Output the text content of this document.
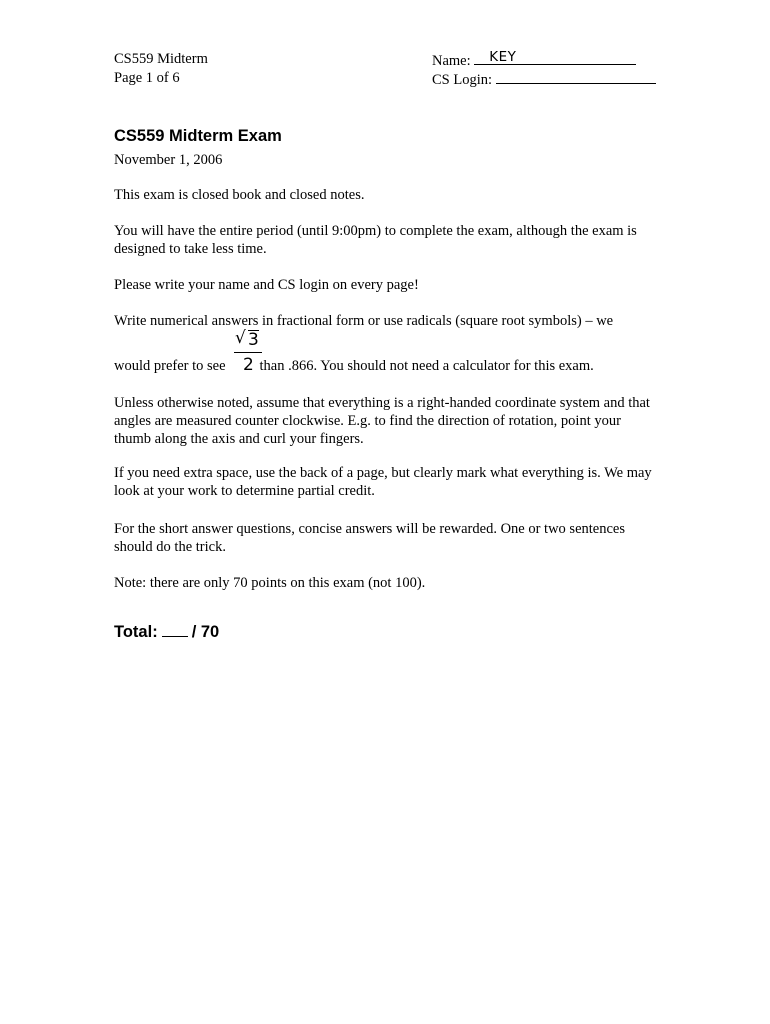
CS559 Midterm
Page 1 of 6
Name: KEY
CS Login:
CS559 Midterm Exam
November 1, 2006
This exam is closed book and closed notes.
You will have the entire period (until 9:00pm) to complete the exam, although the exam is designed to take less time.
Please write your name and CS login on every page!
Write numerical answers in fractional form or use radicals (square root symbols) – we
√ 3
2
would prefer to see than .866. You should not need a calculator for this exam.
Unless otherwise noted, assume that everything is a right-handed coordinate system and that angles are measured counter clockwise. E.g. to find the direction of rotation, point your thumb along the axis and curl your fingers.
If you need extra space, use the back of a page, but clearly mark what everything is. We may look at your work to determine partial credit.
For the short answer questions, concise answers will be rewarded. One or two sentences should do the trick.
Note: there are only 70 points on this exam (not 100).
Total: / 70
